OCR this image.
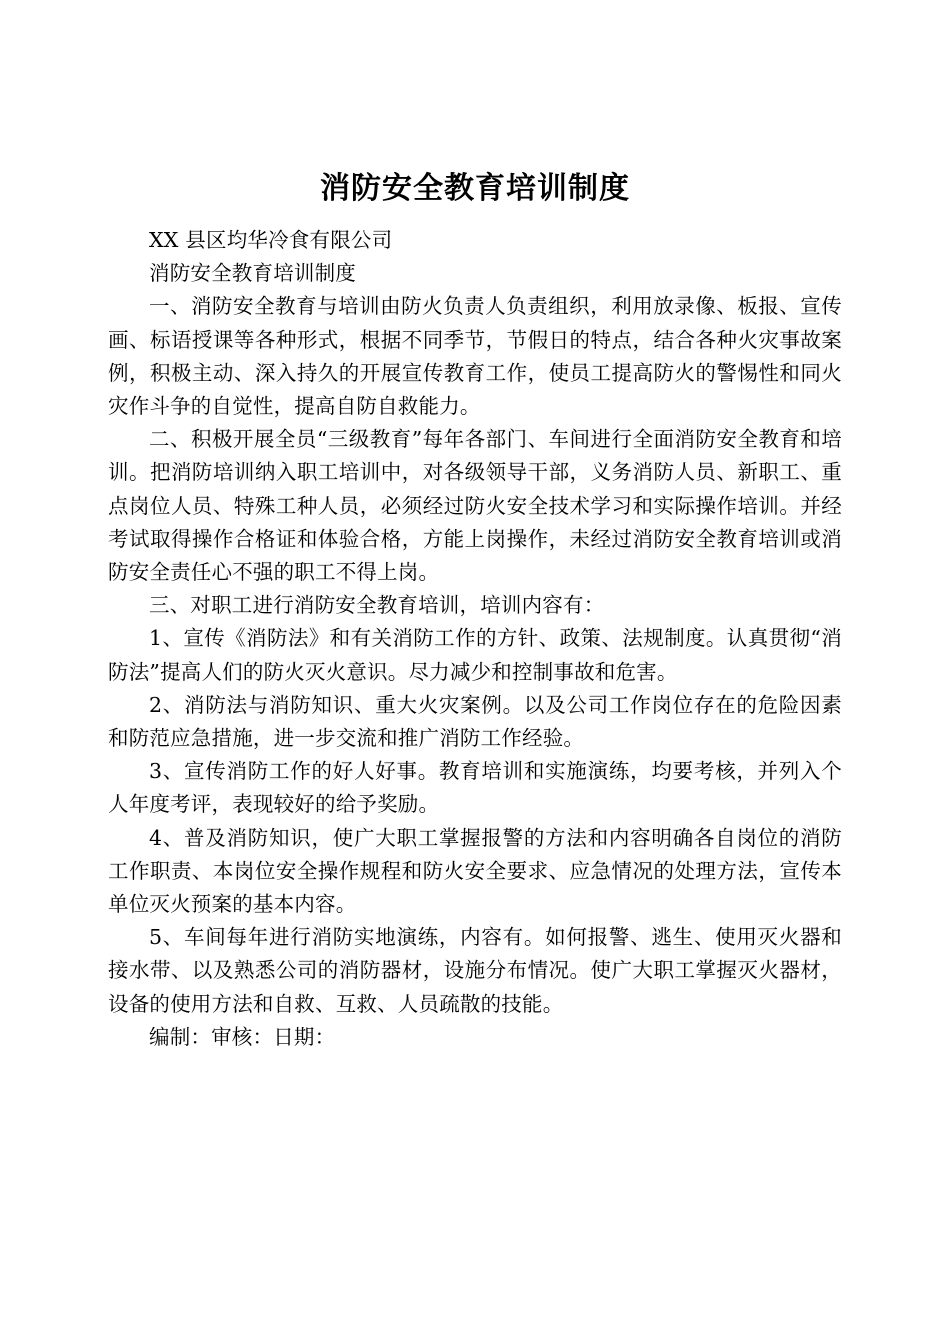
消防安全教育培训制度

XX 县区均华冷食有限公司

消防安全教育培训制度

一、消防安全教育与培训由防火负责人负责组织，利用放录像、板报、宣传画、标语授课等各种形式，根据不同季节，节假日的特点，结合各种火灾事故案例，积极主动、深入持久的开展宣传教育工作，使员工提高防火的警惕性和同火灾作斗争的自觉性，提高自防自救能力。

二、积极开展全员“三级教育”每年各部门、车间进行全面消防安全教育和培训。把消防培训纳入职工培训中，对各级领导干部，义务消防人员、新职工、重点岗位人员、特殊工种人员，必须经过防火安全技术学习和实际操作培训。并经考试取得操作合格证和体验合格，方能上岗操作，未经过消防安全教育培训或消防安全责任心不强的职工不得上岗。

三、对职工进行消防安全教育培训，培训内容有：

1、宣传《消防法》和有关消防工作的方针、政策、法规制度。认真贯彻“消防法”提高人们的防火灭火意识。尽力减少和控制事故和危害。

2、消防法与消防知识、重大火灾案例。以及公司工作岗位存在的危险因素和防范应急措施，进一步交流和推广消防工作经验。

3、宣传消防工作的好人好事。教育培训和实施演练，均要考核，并列入个人年度考评，表现较好的给予奖励。

4、普及消防知识，使广大职工掌握报警的方法和内容明确各自岗位的消防工作职责、本岗位安全操作规程和防火安全要求、应急情况的处理方法，宣传本单位灭火预案的基本内容。

5、车间每年进行消防实地演练，内容有。如何报警、逃生、使用灭火器和接水带、以及熟悉公司的消防器材，设施分布情况。使广大职工掌握灭火器材，设备的使用方法和自救、互救、人员疏散的技能。

编制：审核：日期：
